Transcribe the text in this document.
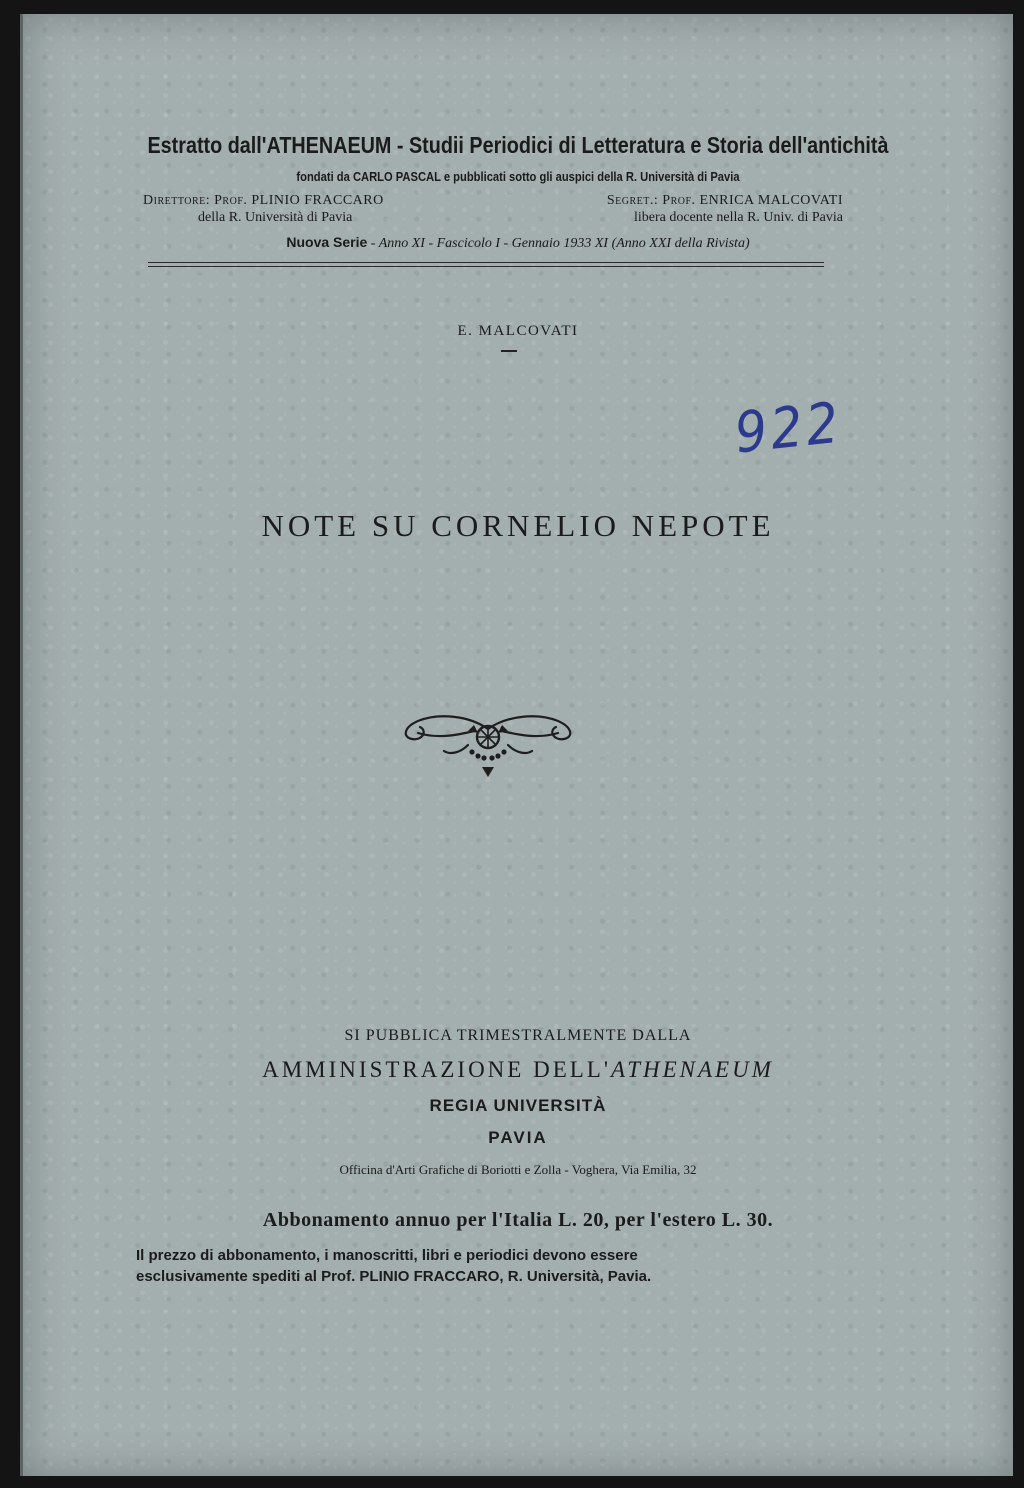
Estratto dall'ATHENAEUM - Studii Periodici di Letteratura e Storia dell'antichità
fondati da CARLO PASCAL e pubblicati sotto gli auspici della R. Università di Pavia
Direttore: Prof. PLINIO FRACCARO
della R. Università di Pavia
Segret.: Prof. ENRICA MALCOVATI
libera docente nella R. Univ. di Pavia
Nuova Serie - Anno XI - Fascicolo I - Gennaio 1933 XI (Anno XXI della Rivista)
E. MALCOVATI
922
NOTE SU CORNELIO NEPOTE
SI PUBBLICA TRIMESTRALMENTE DALLA
AMMINISTRAZIONE DELL'ATHENAEUM
REGIA UNIVERSITÀ
PAVIA
Officina d'Arti Grafiche di Boriotti e Zolla - Voghera, Via Emilia, 32
Abbonamento annuo per l'Italia L. 20, per l'estero L. 30.
Il prezzo di abbonamento, i manoscritti, libri e periodici devono essere
esclusivamente spediti al Prof. PLINIO FRACCARO, R. Università, Pavia.
